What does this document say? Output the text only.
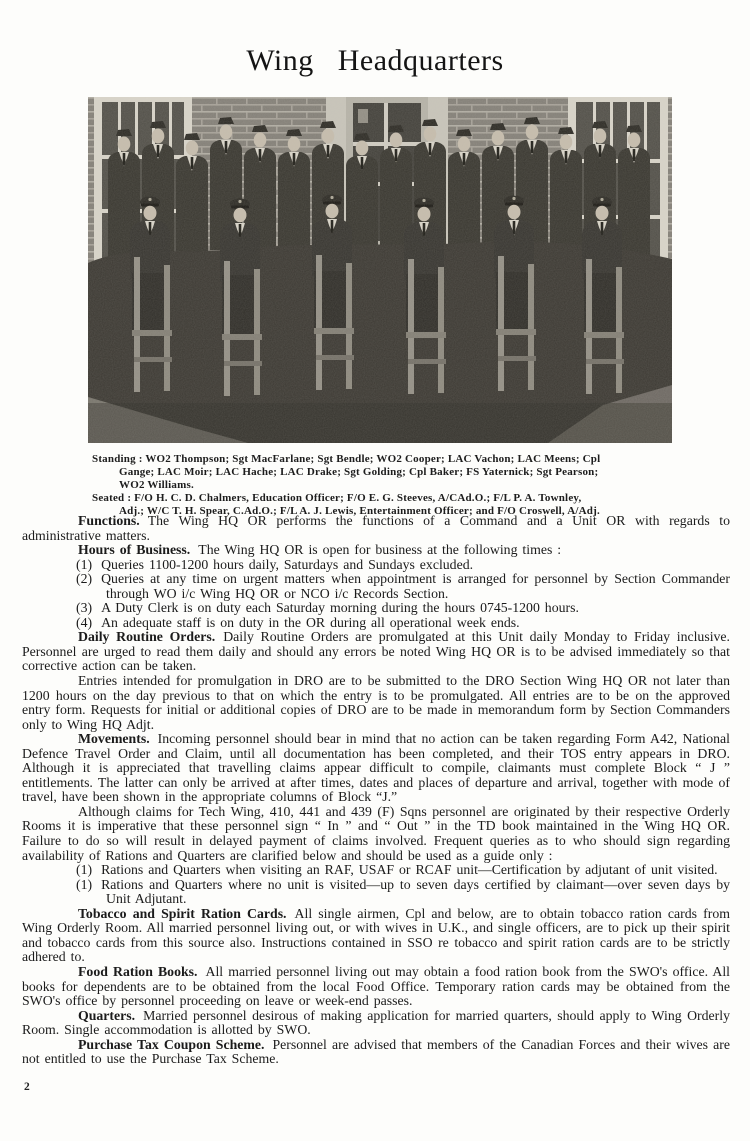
Wing Headquarters
Standing : WO2 Thompson; Sgt MacFarlane; Sgt Bendle; WO2 Cooper; LAC Vachon; LAC Meens; Cpl
Gange; LAC Moir; LAC Hache; LAC Drake; Sgt Golding; Cpl Baker; FS Yaternick; Sgt Pearson;
WO2 Williams.
Seated : F/O H. C. D. Chalmers, Education Officer; F/O E. G. Steeves, A/CAd.O.; F/L P. A. Townley,
Adj.; W/C T. H. Spear, C.Ad.O.; F/L A. J. Lewis, Entertainment Officer; and F/O Croswell, A/Adj.

Functions. The Wing HQ OR performs the functions of a Command and a Unit OR with regards to administrative matters.

Hours of Business. The Wing HQ OR is open for business at the following times :

(1) Queries 1100-1200 hours daily, Saturdays and Sundays excluded.
(2) Queries at any time on urgent matters when appointment is arranged for personnel by Section Commander through WO i/c Wing HQ OR or NCO i/c Records Section.
(3) A Duty Clerk is on duty each Saturday morning during the hours 0745-1200 hours.
(4) An adequate staff is on duty in the OR during all operational week ends.

Daily Routine Orders. Daily Routine Orders are promulgated at this Unit daily Monday to Friday inclusive. Personnel are urged to read them daily and should any errors be noted Wing HQ OR is to be advised immediately so that corrective action can be taken.

Entries intended for promulgation in DRO are to be submitted to the DRO Section Wing HQ OR not later than 1200 hours on the day previous to that on which the entry is to be promulgated. All entries are to be on the approved entry form. Requests for initial or additional copies of DRO are to be made in memorandum form by Section Commanders only to Wing HQ Adjt.

Movements. Incoming personnel should bear in mind that no action can be taken regarding Form A42, National Defence Travel Order and Claim, until all documentation has been completed, and their TOS entry appears in DRO. Although it is appreciated that travelling claims appear difficult to compile, claimants must complete Block “ J ” entitlements. The latter can only be arrived at after times, dates and places of departure and arrival, together with mode of travel, have been shown in the appropriate columns of Block “J.”

Although claims for Tech Wing, 410, 441 and 439 (F) Sqns personnel are originated by their respective Orderly Rooms it is imperative that these personnel sign “ In ” and “ Out ” in the TD book maintained in the Wing HQ OR. Failure to do so will result in delayed payment of claims involved. Frequent queries as to who should sign regarding availability of Rations and Quarters are clarified below and should be used as a guide only :

(1) Rations and Quarters when visiting an RAF, USAF or RCAF unit—Certification by adjutant of unit visited.
(1) Rations and Quarters where no unit is visited—up to seven days certified by claimant—over seven days by Unit Adjutant.

Tobacco and Spirit Ration Cards. All single airmen, Cpl and below, are to obtain tobacco ration cards from Wing Orderly Room. All married personnel living out, or with wives in U.K., and single officers, are to pick up their spirit and tobacco cards from this source also. Instructions contained in SSO re tobacco and spirit ration cards are to be strictly adhered to.

Food Ration Books. All married personnel living out may obtain a food ration book from the SWO's office. All books for dependents are to be obtained from the local Food Office. Temporary ration cards may be obtained from the SWO's office by personnel proceeding on leave or week-end passes.

Quarters. Married personnel desirous of making application for married quarters, should apply to Wing Orderly Room. Single accommodation is allotted by SWO.

Purchase Tax Coupon Scheme. Personnel are advised that members of the Canadian Forces and their wives are not entitled to use the Purchase Tax Scheme.

2
